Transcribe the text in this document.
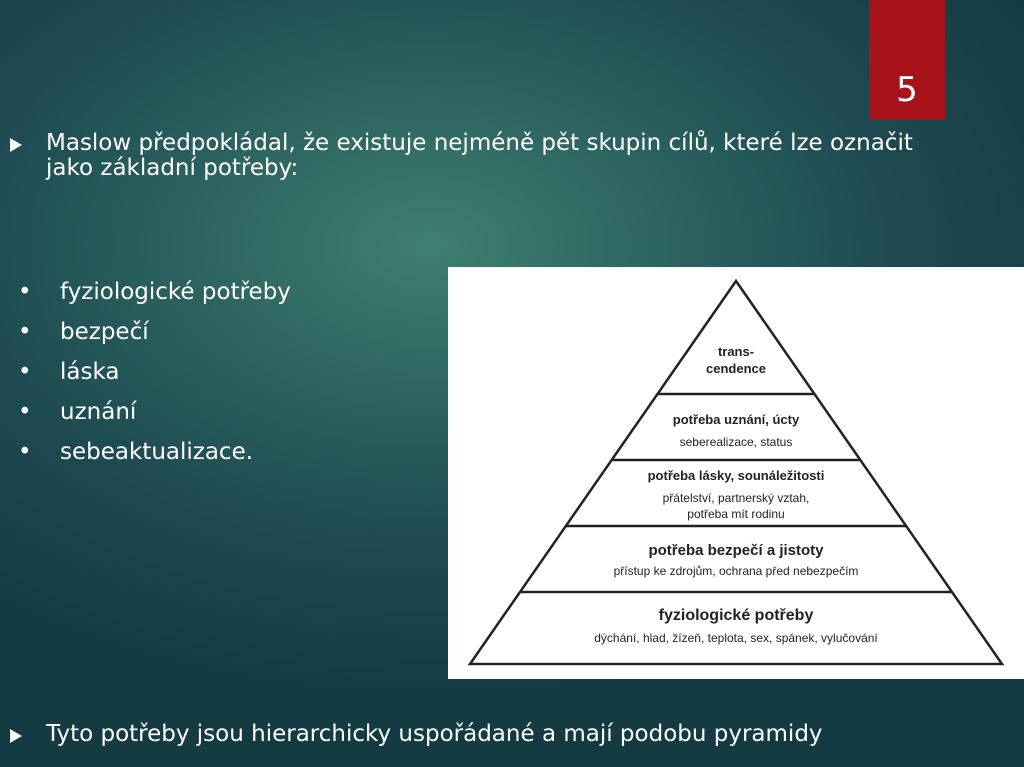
5
Maslow předpokládal, že existuje nejméně pět skupin cílů, které lze označit jako základní potřeby:
• fyziologické potřeby
• bezpečí
• láska
• uznání
• sebeaktualizace.
trans-
cendence
potřeba uznání, úcty
seberealizace, status
potřeba lásky, sounáležitosti
přátelství, partnerský vztah,
potřeba mít rodinu
potřeba bezpečí a jistoty
přístup ke zdrojům, ochrana před nebezpečím
fyziologické potřeby
dýchání, hlad, žízeň, teplota, sex, spánek, vylučování
Tyto potřeby jsou hierarchicky uspořádané a mají podobu pyramidy
